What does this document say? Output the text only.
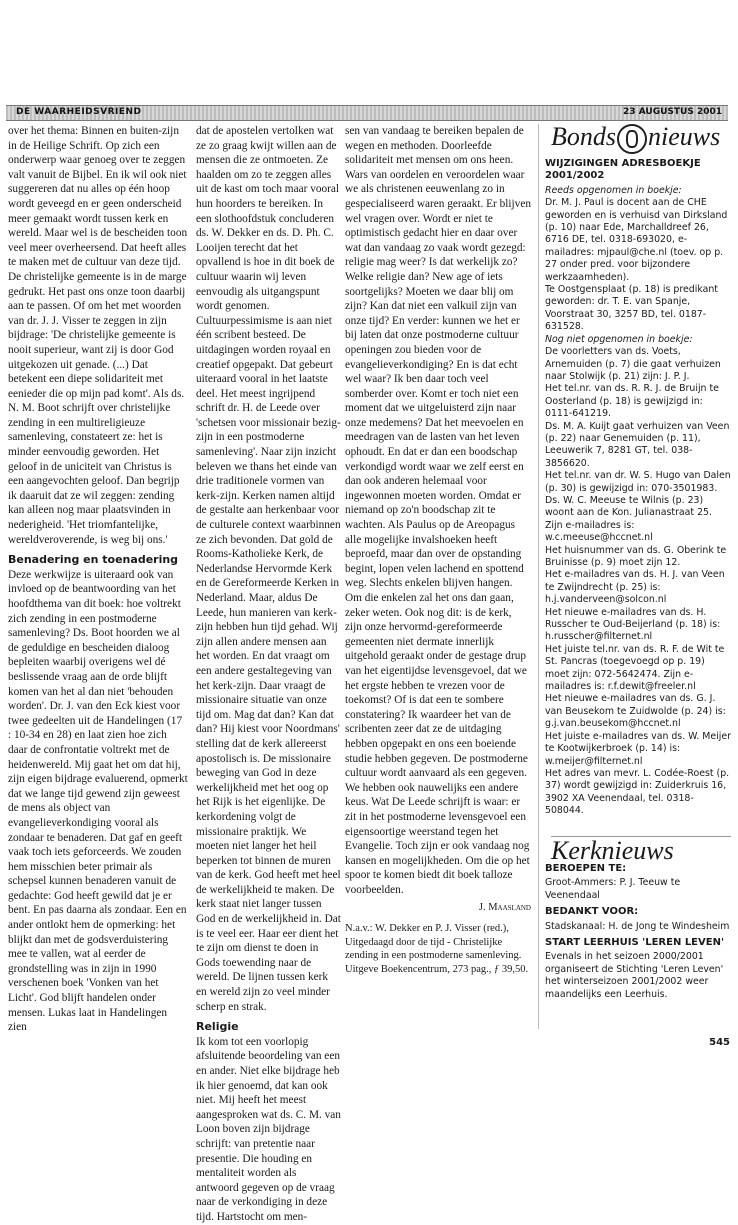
DE WAARHEIDSVRIEND	23 AUGUSTUS 2001

over het thema: Binnen en buiten-zijn in de Heilige Schrift. Op zich een onderwerp waar genoeg over te zeggen valt vanuit de Bijbel. En ik wil ook niet suggereren dat nu alles op één hoop wordt geveegd en er geen onderscheid meer gemaakt wordt tussen kerk en wereld. Maar wel is de bescheiden toon veel meer overheersend. Dat heeft alles te maken met de cultuur van deze tijd. De christelijke gemeente is in de marge gedrukt. Het past ons onze toon daarbij aan te passen. Of om het met woorden van dr. J. J. Visser te zeggen in zijn bijdrage: 'De christelijke gemeente is nooit superieur, want zij is door God uitgekozen uit genade. (...) Dat betekent een diepe solidariteit met eenieder die op mijn pad komt'. Als ds. N. M. Boot schrijft over christelijke zending in een multireligieuze samenleving, constateert ze: het is minder eenvoudig geworden. Het geloof in de uniciteit van Christus is een aangevochten geloof. Dan begrijp ik daaruit dat ze wil zeggen: zending kan alleen nog maar plaatsvinden in nederigheid. 'Het triomfantelijke, wereldveroverende, is weg bij ons.'

Benadering en toenadering

Deze werkwijze is uiteraard ook van invloed op de beantwoording van het hoofdthema van dit boek: hoe voltrekt zich zending in een postmoderne samenleving? Ds. Boot hoorden we al de geduldige en bescheiden dialoog bepleiten waarbij overigens wel dé beslissende vraag aan de orde blijft komen van het al dan niet 'behouden worden'. Dr. J. van den Eck kiest voor twee gedeelten uit de Handelingen (17 : 10-34 en 28) en laat zien hoe zich daar de confrontatie voltrekt met de heidenwereld. Mij gaat het om dat hij, zijn eigen bijdrage evaluerend, opmerkt dat we lange tijd gewend zijn geweest de mens als object van evangelieverkondiging vooral als zondaar te benaderen. Dat gaf en geeft vaak toch iets geforceerds. We zouden hem misschien beter primair als schepsel kunnen benaderen vanuit de gedachte: God heeft gewild dat je er bent. En pas daarna als zondaar. Een en ander ontlokt hem de opmerking: het blijkt dan met de godsverduistering mee te vallen, wat al eerder de grondstelling was in zijn in 1990 verschenen boek 'Vonken van het Licht'. God blijft handelen onder mensen. Lukas laat in Handelingen zien

dat de apostelen vertolken wat ze zo graag kwijt willen aan de mensen die ze ontmoeten. Ze haalden om zo te zeggen alles uit de kast om toch maar vooral hun hoorders te bereiken. In een slothoofdstuk concluderen ds. W. Dekker en ds. D. Ph. C. Looijen terecht dat het opvallend is hoe in dit boek de cultuur waarin wij leven eenvoudig als uitgangspunt wordt genomen. Cultuurpessimisme is aan niet één scribent besteed. De uitdagingen worden royaal en creatief opgepakt. Dat gebeurt uiteraard vooral in het laatste deel. Het meest ingrijpend schrift dr. H. de Leede over 'schetsen voor missionair bezig-zijn in een postmoderne samenleving'. Naar zijn inzicht beleven we thans het einde van drie traditionele vormen van kerk-zijn. Kerken namen altijd de gestalte aan herkenbaar voor de culturele context waarbinnen ze zich bevonden. Dat gold de Rooms-Katholieke Kerk, de Nederlandse Hervormde Kerk en de Gereformeerde Kerken in Nederland. Maar, aldus De Leede, hun manieren van kerk-zijn hebben hun tijd gehad. Wij zijn allen andere mensen aan het worden. En dat vraagt om een andere gestaltegeving van het kerk-zijn. Daar vraagt de missionaire situatie van onze tijd om. Mag dat dan? Kan dat dan? Hij kiest voor Noordmans' stelling dat de kerk allereerst apostolisch is. De missionaire beweging van God in deze werkelijkheid met het oog op het Rijk is het eigenlijke. De kerkordening volgt de missionaire praktijk. We moeten niet langer het heil beperken tot binnen de muren van de kerk. God heeft met heel de werkelijkheid te maken. De kerk staat niet langer tussen God en de werkelijkheid in. Dat is te veel eer. Haar eer dient het te zijn om dienst te doen in Gods toewending naar de wereld. De lijnen tussen kerk en wereld zijn zo veel minder scherp en strak.

Religie

Ik kom tot een voorlopig afsluitende beoordeling van een en ander. Niet elke bijdrage heb ik hier genoemd, dat kan ook niet. Mij heeft het meest aangesproken wat ds. C. M. van Loon boven zijn bijdrage schrijft: van pretentie naar presentie. Die houding en mentaliteit worden als antwoord gegeven op de vraag naar de verkondiging in deze tijd. Hartstocht om men-

sen van vandaag te bereiken bepalen de wegen en methoden. Doorleefde solidariteit met mensen om ons heen. Wars van oordelen en veroordelen waar we als christenen eeuwenlang zo in gespecialiseerd waren geraakt. Er blijven wel vragen over. Wordt er niet te optimistisch gedacht hier en daar over wat dan vandaag zo vaak wordt gezegd: religie mag weer? Is dat werkelijk zo? Welke religie dan? New age of iets soortgelijks? Moeten we daar blij om zijn? Kan dat niet een valkuil zijn van onze tijd? En verder: kunnen we het er bij laten dat onze postmoderne cultuur openingen zou bieden voor de evangelieverkondiging? En is dat echt wel waar? Ik ben daar toch veel somberder over. Komt er toch niet een moment dat we uitgeluisterd zijn naar onze medemens? Dat het meevoelen en meedragen van de lasten van het leven ophoudt. En dat er dan een boodschap verkondigd wordt waar we zelf eerst en dan ook anderen helemaal voor ingewonnen moeten worden. Omdat er niemand op zo'n boodschap zit te wachten. Als Paulus op de Areopagus alle mogelijke invalshoeken heeft beproefd, maar dan over de opstanding begint, lopen velen lachend en spottend weg. Slechts enkelen blijven hangen. Om die enkelen zal het ons dan gaan, zeker weten. Ook nog dit: is de kerk, zijn onze hervormd-gereformeerde gemeenten niet dermate innerlijk uitgehold geraakt onder de gestage drup van het eigentijdse levensgevoel, dat we het ergste hebben te vrezen voor de toekomst? Of is dat een te sombere constatering? Ik waardeer het van de scribenten zeer dat ze de uitdaging hebben opgepakt en ons een boeiende studie hebben gegeven. De postmoderne cultuur wordt aanvaard als een gegeven. We hebben ook nauwelijks een andere keus. Wat De Leede schrijft is waar: er zit in het postmoderne levensgevoel een eigensoortige weerstand tegen het Evangelie. Toch zijn er ook vandaag nog kansen en mogelijkheden. Om die op het spoor te komen biedt dit boek talloze voorbeelden.

J. Maasland
N.a.v.: W. Dekker en P. J. Visser (red.), Uitgedaagd door de tijd - Christelijke zending in een postmoderne samenleving. Uitgeve Boekencentrum, 273 pag., ƒ 39,50.
Bonds nieuws
WIJZIGINGEN ADRESBOEKJE 2001/2002
Reeds opgenomen in boekje:
Dr. M. J. Paul is docent aan de CHE geworden en is verhuisd van Dirksland (p. 10) naar Ede, Marchalldreef 26, 6716 DE, tel. 0318-693020, e-mailadres: mjpaul@che.nl (toev. op p. 27 onder pred. voor bijzondere werkzaamheden).
Te Oostgensplaat (p. 18) is predikant geworden: dr. T. E. van Spanje, Voorstraat 30, 3257 BD, tel. 0187-631528.
Nog niet opgenomen in boekje:
De voorletters van ds. Voets, Arnemuiden (p. 7) die gaat verhuizen naar Stolwijk (p. 21) zijn: J. P. J.
Het tel.nr. van ds. R. R. J. de Bruijn te Oosterland (p. 18) is gewijzigd in: 0111-641219.
Ds. M. A. Kuijt gaat verhuizen van Veen (p. 22) naar Genemuiden (p. 11), Leeuwerik 7, 8281 GT, tel. 038-3856620.
Het tel.nr. van dr. W. S. Hugo van Dalen (p. 30) is gewijzigd in: 070-3501983.
Ds. W. C. Meeuse te Wilnis (p. 23) woont aan de Kon. Julianastraat 25. Zijn e-mailadres is: w.c.meeuse@hccnet.nl
Het huisnummer van ds. G. Oberink te Bruinisse (p. 9) moet zijn 12.
Het e-mailadres van ds. H. J. van Veen te Zwijndrecht (p. 25) is: h.j.vanderveen@solcon.nl
Het nieuwe e-mailadres van ds. H. Russcher te Oud-Beijerland (p. 18) is: h.russcher@filternet.nl
Het juiste tel.nr. van ds. R. F. de Wit te St. Pancras (toegevoegd op p. 19) moet zijn: 072-5642474. Zijn e-mailadres is: r.f.dewit@freeler.nl
Het nieuwe e-mailadres van ds. G. J. van Beusekom te Zuidwolde (p. 24) is: g.j.van.beusekom@hccnet.nl
Het juiste e-mailadres van ds. W. Meijer te Kootwijkerbroek (p. 14) is: w.meijer@filternet.nl
Het adres van mevr. L. Codée-Roest (p. 37) wordt gewijzigd in: Zuiderkruis 16, 3902 XA Veenendaal, tel. 0318-508044.
Kerknieuws
BEROEPEN TE:
Groot-Ammers: P. J. Teeuw te Veenendaal
BEDANKT VOOR:
Stadskanaal: H. de Jong te Windesheim
START LEERHUIS 'LEREN LEVEN'
Evenals in het seizoen 2000/2001 organiseert de Stichting 'Leren Leven' het winterseizoen 2001/2002 weer maandelijks een Leerhuis.
545
